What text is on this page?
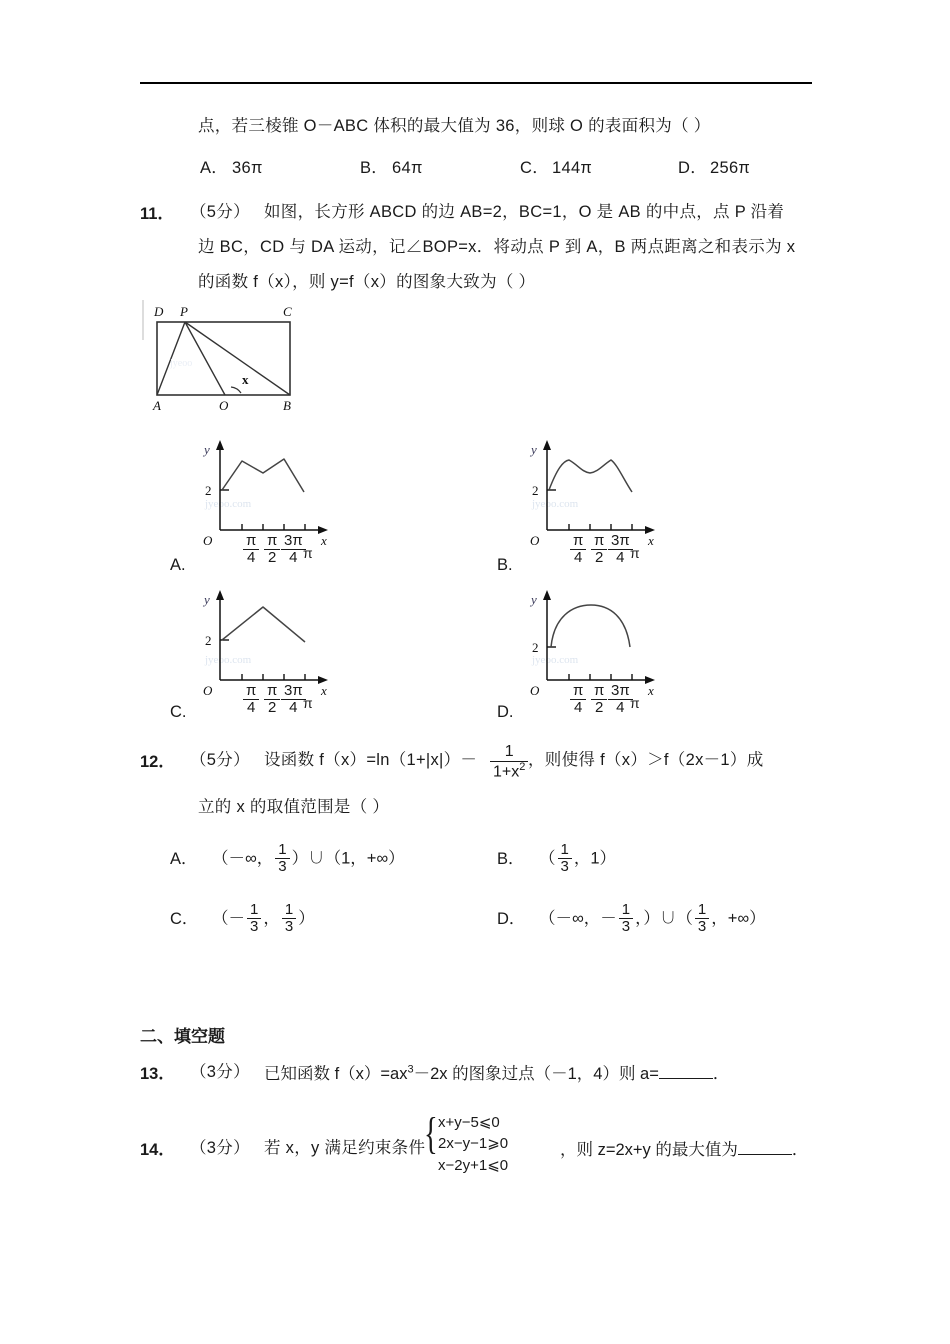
点，若三棱锥 O－ABC 体积的最大值为 36，则球 O 的表面积为（ ）
A． 36π	B． 64π	C． 144π	D． 256π
11． （5分） 如图，长方形 ABCD 的边 AB=2，BC=1，O 是 AB 的中点，点 P 沿着
边 BC，CD 与 DA 运动，记∠BOP=x．将动点 P 到 A，B 两点距离之和表示为 x
的函数 f（x），则 y=f（x）的图象大致为（ ）
D P	C
A	O	B
x
jyeoo
jyeoo.com
y
x
2
O $\frac{\pi}{4} \frac{\pi}{2} \frac{3\pi}{4}$
π
A.
jyeoo.com
y
x
2
O $\frac{\pi}{4} \frac{\pi}{2} \frac{3\pi}{4}$
π
B.
jyeoo.com
y
x
2
O $\frac{\pi}{4} \frac{\pi}{2} \frac{3\pi}{4}$
π
C.
jyeoo.com
y
x
2
O $\frac{\pi}{4} \frac{\pi}{2} \frac{3\pi}{4}$
π
D.
12． （5分） 设函数 $f(x)=\ln(1+|x|)- \frac{1}{1+x^2}$ ，则使得 f（x）＞f（2x－1）成
立的 x 的取值范围是（ ）
A． （－∞， $\frac{1}{3}$ ）∪（1，+∞）	B． （ $\frac{1}{3}$ ，1）
C． （－ $\frac{1}{3}$ ， $\frac{1}{3}$ ）	D． （－∞，－ $\frac{1}{3}$ ，）∪（ $\frac{1}{3}$ ，+∞）
二、填空题
13． （3分） 已知函数 $f(x)=ax^3-2x$ 的图象过点（－1，4）则 a=	．
14． （3分） 若 x，y 满足约束条件
{ x+y−5⩽0
2x−y−1⩾0
x−2y+1⩽0
，则 z=2x+y 的最大值为	．
